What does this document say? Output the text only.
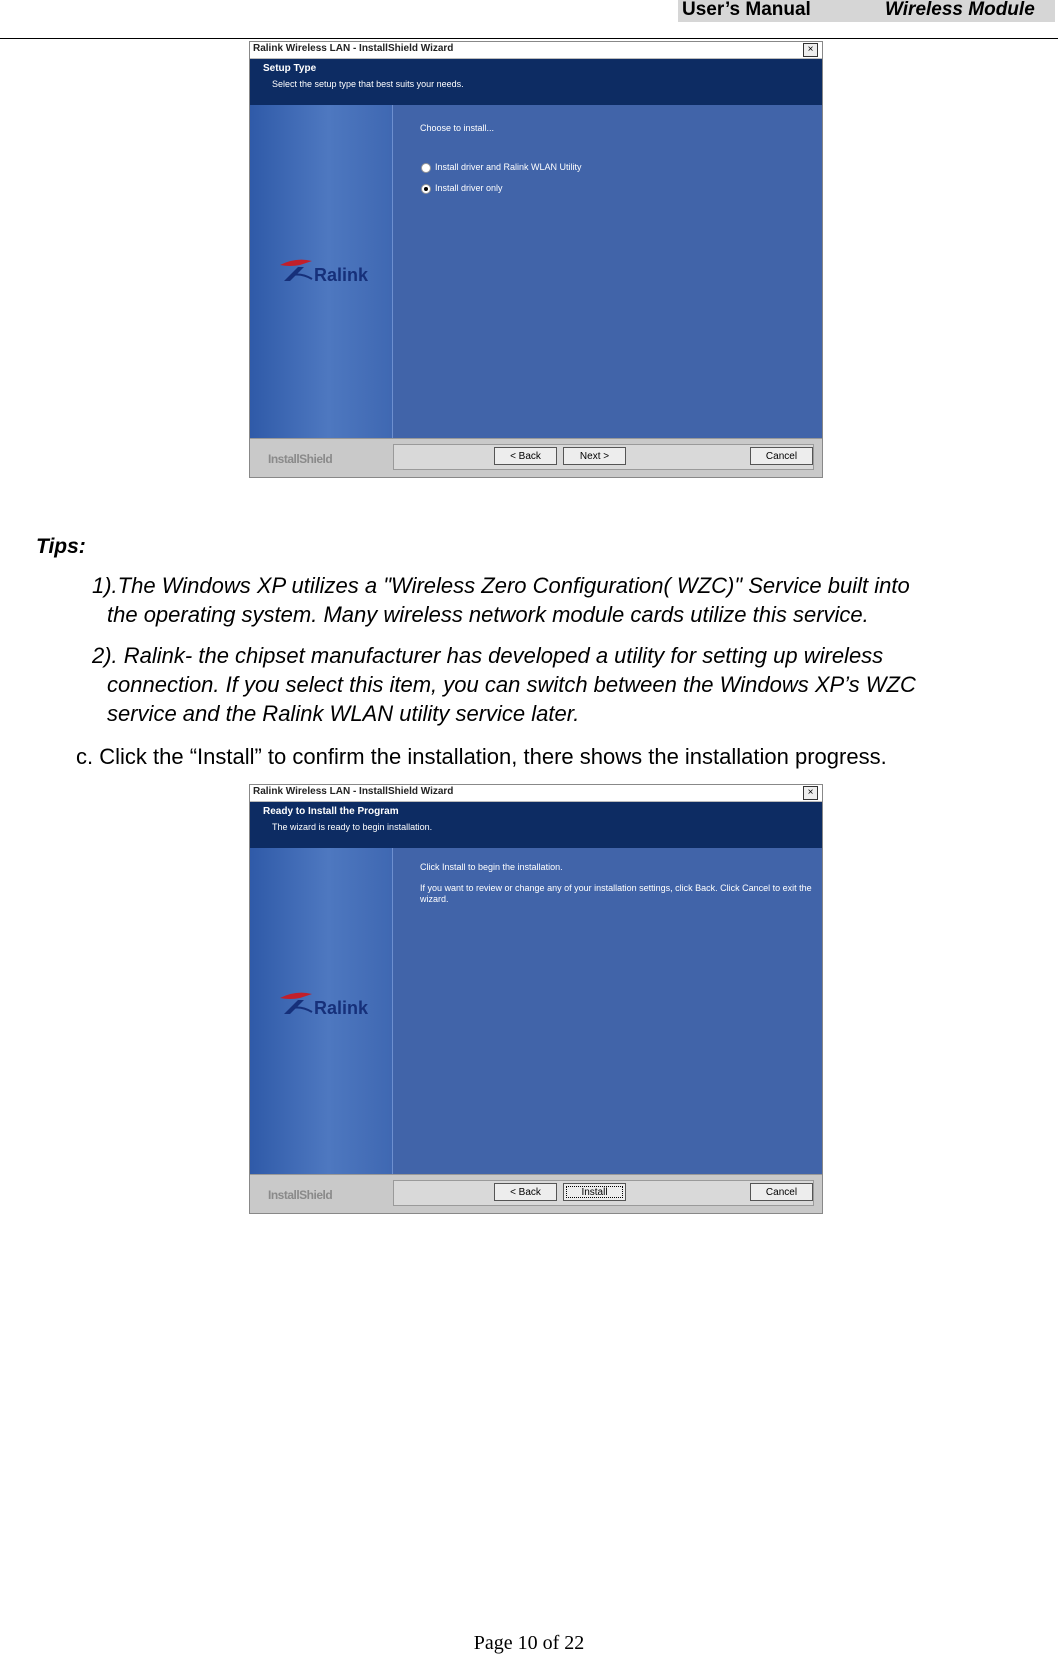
User’s Manual	Wireless Module
Ralink Wireless LAN - InstallShield Wizard	×
Setup Type
Select the setup type that best suits your needs.
Ralink
Choose to install...
Install driver and Ralink WLAN Utility
Install driver only
InstallShield	< Back	Next >	Cancel
Tips:
1).The Windows XP utilizes a "Wireless Zero Configuration( WZC)" Service built into
the operating system. Many wireless network module cards utilize this service.
2). Ralink- the chipset manufacturer has developed a utility for setting up wireless
connection. If you select this item, you can switch between the Windows XP’s WZC
service and the Ralink WLAN utility service later.
c. Click the “Install” to confirm the installation, there shows the installation progress.
Ralink Wireless LAN - InstallShield Wizard	×
Ready to Install the Program
The wizard is ready to begin installation.
Ralink
Click Install to begin the installation.
If you want to review or change any of your installation settings, click Back. Click Cancel to exit the
wizard.
InstallShield	< Back	Install	Cancel
Page 10 of 22
